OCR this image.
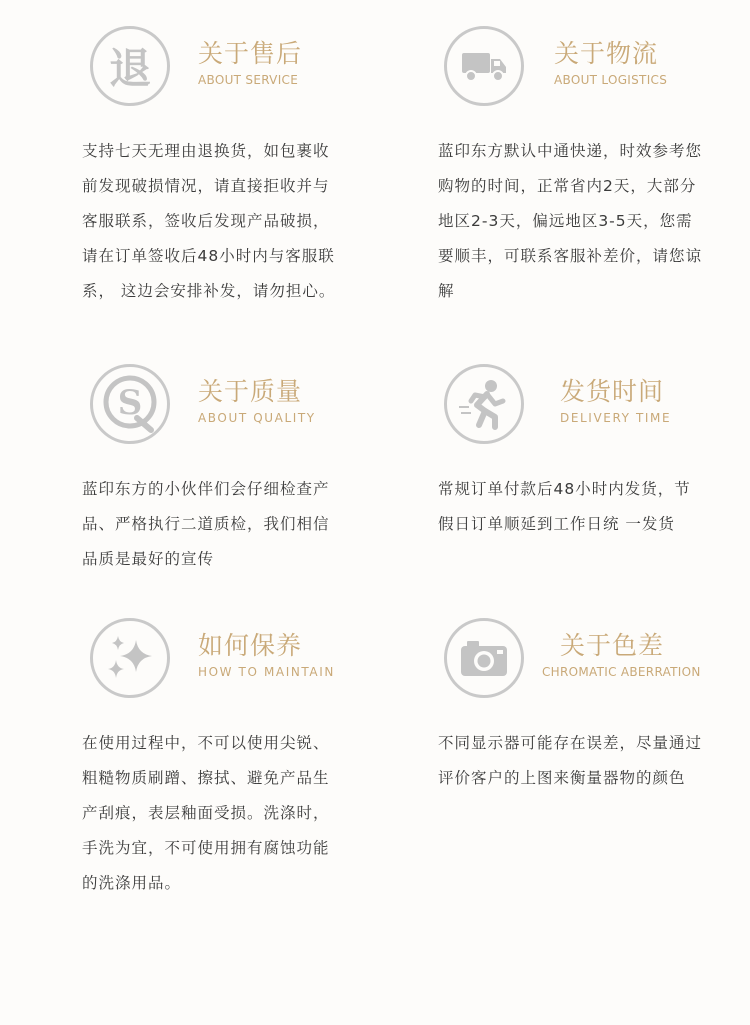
退 关于售后
ABOUT SERVICE
支持七天无理由退换货，如包裹收前发现破损情况，请直接拒收并与客服联系，签收后发现产品破损，请在订单签收后48小时内与客服联系， 这边会安排补发，请勿担心。
关于物流
ABOUT LOGISTICS
蓝印东方默认中通快递，时效参考您购物的时间，正常省内2天，大部分地区2-3天，偏远地区3-5天，您需要顺丰，可联系客服补差价，请您谅解
S 关于质量
ABOUT QUALITY
蓝印东方的小伙伴们会仔细检查产品、严格执行二道质检，我们相信品质是最好的宣传
发货时间
DELIVERY TIME
常规订单付款后48小时内发货，节假日订单顺延到工作日统 一发货
如何保养
HOW TO MAINTAIN
在使用过程中，不可以使用尖锐、粗糙物质刷蹭、擦拭、避免产品生产刮痕，表层釉面受损。洗涤时，手洗为宜，不可使用拥有腐蚀功能的洗涤用品。
关于色差
CHROMATIC ABERRATION
不同显示器可能存在误差，尽量通过评价客户的上图来衡量器物的颜色
